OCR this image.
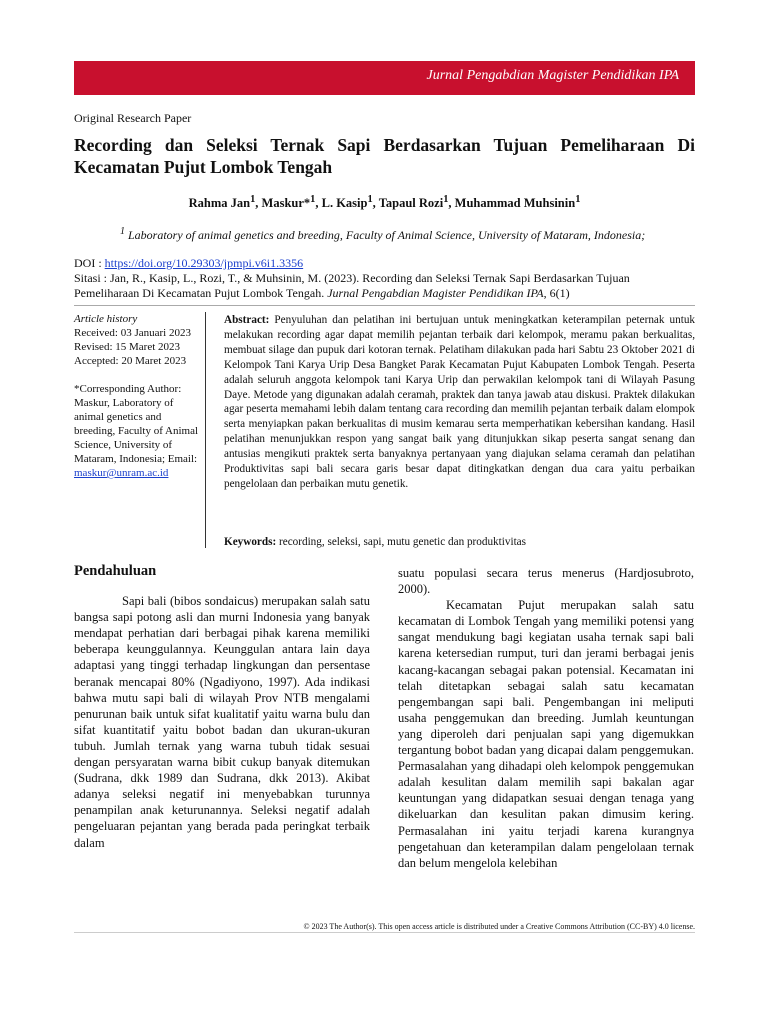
Jurnal Pengabdian Magister Pendidikan IPA
Original Research Paper
Recording dan Seleksi Ternak Sapi Berdasarkan Tujuan Pemeliharaan Di Kecamatan Pujut Lombok Tengah
Rahma Jan$^1$, Maskur*$^1$, L. Kasip$^1$, Tapaul Rozi$^1$, Muhammad Muhsinin$^1$
$^1$ Laboratory of animal genetics and breeding, Faculty of Animal Science, University of Mataram, Indonesia;
DOI : https://doi.org/10.29303/jpmpi.v6i1.3356
Sitasi : Jan, R., Kasip, L., Rozi, T., & Muhsinin, M. (2023). Recording dan Seleksi Ternak Sapi Berdasarkan Tujuan Pemeliharaan Di Kecamatan Pujut Lombok Tengah. Jurnal Pengabdian Magister Pendidikan IPA, 6(1)
Article history
Received: 03 Januari 2023
Revised: 15 Maret 2023
Accepted: 20 Maret 2023
*Corresponding Author: Maskur, Laboratory of animal genetics and breeding, Faculty of Animal Science, University of Mataram, Indonesia; Email: maskur@unram.ac.id
Abstract: Penyuluhan dan pelatihan ini bertujuan untuk meningkatkan keterampilan peternak untuk melakukan recording agar dapat memilih pejantan terbaik dari kelompok, meramu pakan berkualitas, membuat silage dan pupuk dari kotoran ternak. Pelatiham dilakukan pada hari Sabtu 23 Oktober 2021 di Kelompok Tani Karya Urip Desa Bangket Parak Kecamatan Pujut Kabupaten Lombok Tengah. Peserta adalah seluruh anggota kelompok tani Karya Urip dan perwakilan kelompok tani di Wilayah Pasung Daye. Metode yang digunakan adalah ceramah, praktek dan tanya jawab atau diskusi. Praktek dilakukan agar peserta memahami lebih dalam tentang cara recording dan memilih pejantan terbaik dalam elompok serta menyiapkan pakan berkualitas di musim kemarau serta memperhatikan kebersihan kandang. Hasil pelatihan menunjukkan respon yang sangat baik yang ditunjukkan sikap peserta sangat senang dan antusias mengikuti praktek serta banyaknya pertanyaan yang diajukan selama ceramah dan pelatihan Produktivitas sapi bali secara garis besar dapat ditingkatkan dengan dua cara yaitu perbaikan pengelolaan dan perbaikan mutu genetik.
Keywords: recording, seleksi, sapi, mutu genetic dan produktivitas
Pendahuluan

Sapi bali (bibos sondaicus) merupakan salah satu bangsa sapi potong asli dan murni Indonesia yang banyak mendapat perhatian dari berbagai pihak karena memiliki beberapa keunggulannya. Keunggulan antara lain daya adaptasi yang tinggi terhadap lingkungan dan persentase beranak mencapai 80% (Ngadiyono, 1997). Ada indikasi bahwa mutu sapi bali di wilayah Prov NTB mengalami penurunan baik untuk sifat kualitatif yaitu warna bulu dan sifat kuantitatif yaitu bobot badan dan ukuran-ukuran tubuh. Jumlah ternak yang warna tubuh tidak sesuai dengan persyaratan warna bibit cukup banyak ditemukan (Sudrana, dkk 1989 dan Sudrana, dkk 2013). Akibat adanya seleksi negatif ini menyebabkan turunnya penampilan anak keturunannya. Seleksi negatif adalah pengeluaran pejantan yang berada pada peringkat terbaik dalam

suatu populasi secara terus menerus (Hardjosubroto, 2000).

Kecamatan Pujut merupakan salah satu kecamatan di Lombok Tengah yang memiliki potensi yang sangat mendukung bagi kegiatan usaha ternak sapi bali karena ketersedian rumput, turi dan jerami berbagai jenis kacang-kacangan sebagai pakan potensial. Kecamatan ini telah ditetapkan sebagai salah satu kecamatan pengembangan sapi bali. Pengembangan ini meliputi usaha penggemukan dan breeding. Jumlah keuntungan yang diperoleh dari penjualan sapi yang digemukkan tergantung bobot badan yang dicapai dalam penggemukan. Permasalahan yang dihadapi oleh kelompok penggemukan adalah kesulitan dalam memilih sapi bakalan agar keuntungan yang didapatkan sesuai dengan tenaga yang dikeluarkan dan kesulitan pakan dimusim kering. Permasalahan ini yaitu terjadi karena kurangnya pengetahuan dan keterampilan dalam pengelolaan ternak dan belum mengelola kelebihan

© 2023 The Author(s). This open access article is distributed under a Creative Commons Attribution (CC-BY) 4.0 license.
